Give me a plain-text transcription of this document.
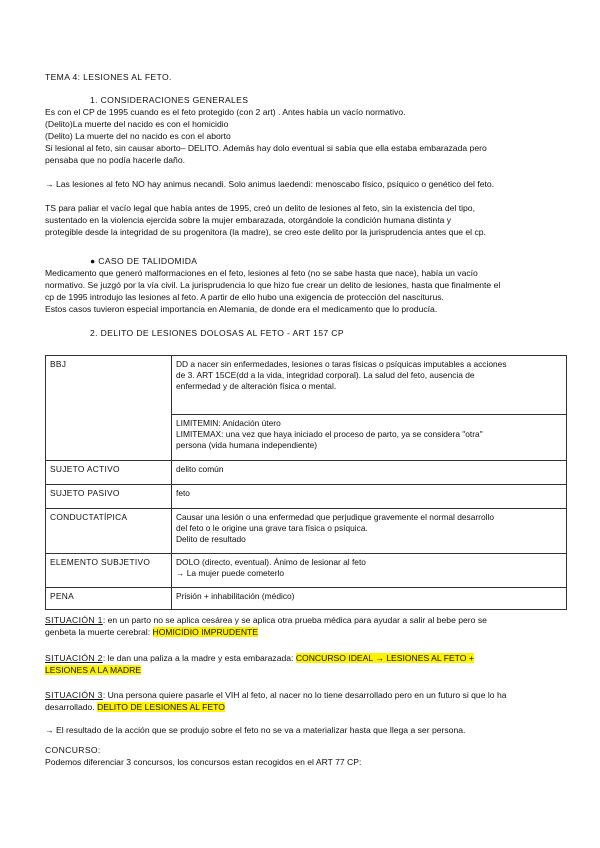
TEMA 4: LESIONES AL FETO.
1. CONSIDERACIONES GENERALES
Es con el CP de 1995 cuando es el feto protegido (con 2 art) . Antes había un vacío normativo.
(Delito)La muerte del nacido es con el homicidio
(Delito) La muerte del no nacido es con el aborto
Si lesional al feto, sin causar aborto– DELITO. Además hay dolo eventual si sabía que ella estaba embarazada pero
pensaba que no podía hacerle daño.
→ Las lesiones al feto NO hay animus necandi. Solo animus laedendi: menoscabo físico, psíquico o genético del feto.
TS para paliar el vacío legal que había antes de 1995, creó un delito de lesiones al feto, sin la existencia del tipo,
sustentado en la violencia ejercida sobre la mujer embarazada, otorgándole la condición humana distinta y
protegible desde la integridad de su progenitora (la madre), se creo este delito por la jurisprudencia antes que el cp.
● CASO DE TALIDOMIDA
Medicamento que generó malformaciones en el feto, lesiones al feto (no se sabe hasta que nace), había un vacío
normativo. Se juzgó por la vía civil. La jurisprudencia lo que hizo fue crear un delito de lesiones, hasta que finalmente el
cp de 1995 introdujo las lesiones al feto. A partir de ello hubo una exigencia de protección del nasciturus.
Estos casos tuvieron especial importancia en Alemania, de donde era el medicamento que lo producía.
2. DELITO DE LESIONES DOLOSAS AL FETO - ART 157 CP
BBJ	DD a nacer sin enfermedades, lesiones o taras físicas o psíquicas imputables a acciones
de 3. ART 15CE(dd a la vida, integridad corporal). La salud del feto, ausencia de
enfermedad y de alteración física o mental.

	LIMITEMIN: Anidación útero
LIMITEMAX: una vez que haya iniciado el proceso de parto, ya se considera "otra"
persona (vida humana independiente)

SUJETO ACTIVO	delito común
SUJETO PASIVO	feto
CONDUCTATÍPICA	Causar una lesión o una enfermedad que perjudique gravemente el normal desarrollo
del feto o le origine una grave tara física o psíquica.
Delito de resultado

ELEMENTO SUBJETIVO	DOLO (directo, eventual). Ánimo de lesionar al feto
→ La mujer puede cometerlo

PENA	Prisión + inhabilitación (médico)
SITUACIÓN 1: en un parto no se aplica cesárea y se aplica otra prueba médica para ayudar a salir al bebe pero se
genbeta la muerte cerebral: HOMICIDIO IMPRUDENTE
SITUACIÓN 2: le dan una paliza a la madre y esta embarazada: CONCURSO IDEAL → LESIONES AL FETO +
LESIONES A LA MADRE
SITUACIÓN 3: Una persona quiere pasarle el VIH al feto, al nacer no lo tiene desarrollado pero en un futuro si que lo ha
desarrollado. DELITO DE LESIONES AL FETO
→ El resultado de la acción que se produjo sobre el feto no se va a materializar hasta que llega a ser persona.
CONCURSO:
Podemos diferenciar 3 concursos, los concursos estan recogidos en el ART 77 CP:
